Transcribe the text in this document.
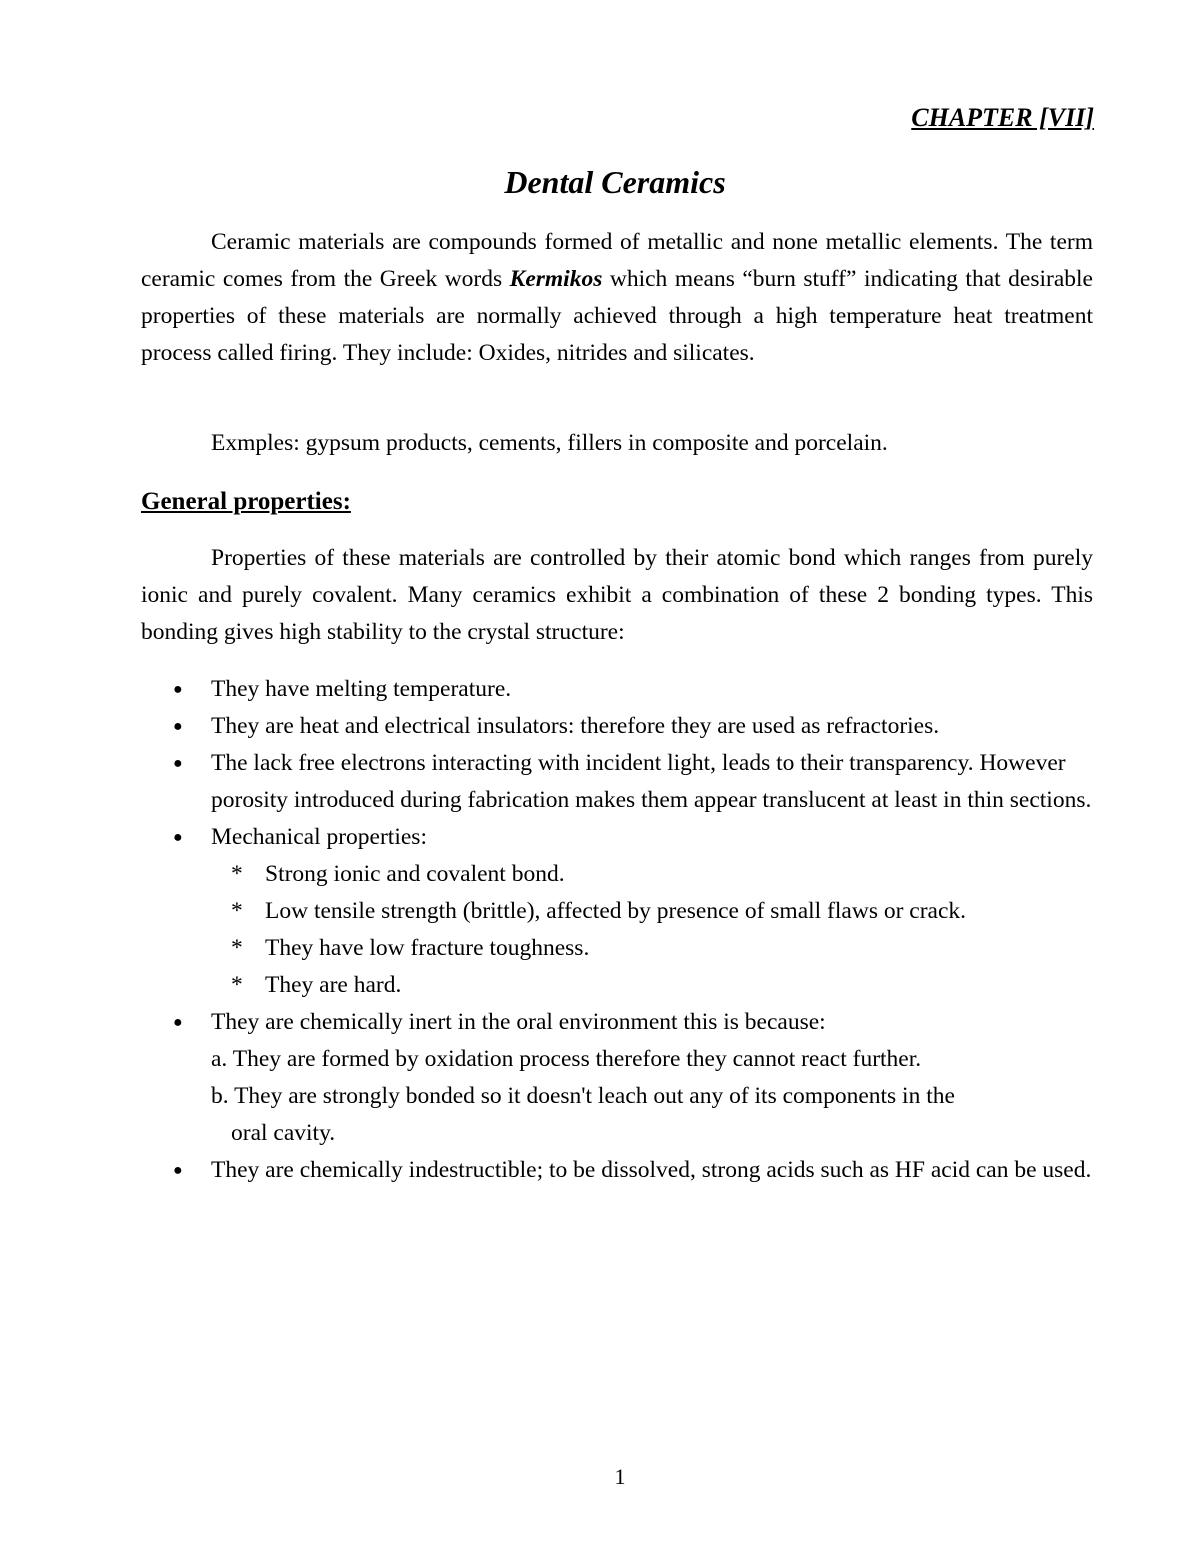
CHAPTER [VII]

Dental Ceramics

Ceramic materials are compounds formed of metallic and none metallic elements. The term ceramic comes from the Greek words Kermikos which means “burn stuff” indicating that desirable properties of these materials are normally achieved through a high temperature heat treatment process called firing. They include: Oxides, nitrides and silicates.

Exmples: gypsum products, cements, fillers in composite and porcelain.

General properties:

Properties of these materials are controlled by their atomic bond which ranges from purely ionic and purely covalent. Many ceramics exhibit a combination of these 2 bonding types. This bonding gives high stability to the crystal structure:

● They have melting temperature.
● They are heat and electrical insulators: therefore they are used as refractories.
● The lack free electrons interacting with incident light, leads to their transparency. However porosity introduced during fabrication makes them appear translucent at least in thin sections.
● Mechanical properties:
* Strong ionic and covalent bond.
* Low tensile strength (brittle), affected by presence of small flaws or crack.
* They have low fracture toughness.
* They are hard.
● They are chemically inert in the oral environment this is because:
a. They are formed by oxidation process therefore they cannot react further.
b. They are strongly bonded so it doesn't leach out any of its components in the
oral cavity.
● They are chemically indestructible; to be dissolved, strong acids such as HF acid can be used.

1
